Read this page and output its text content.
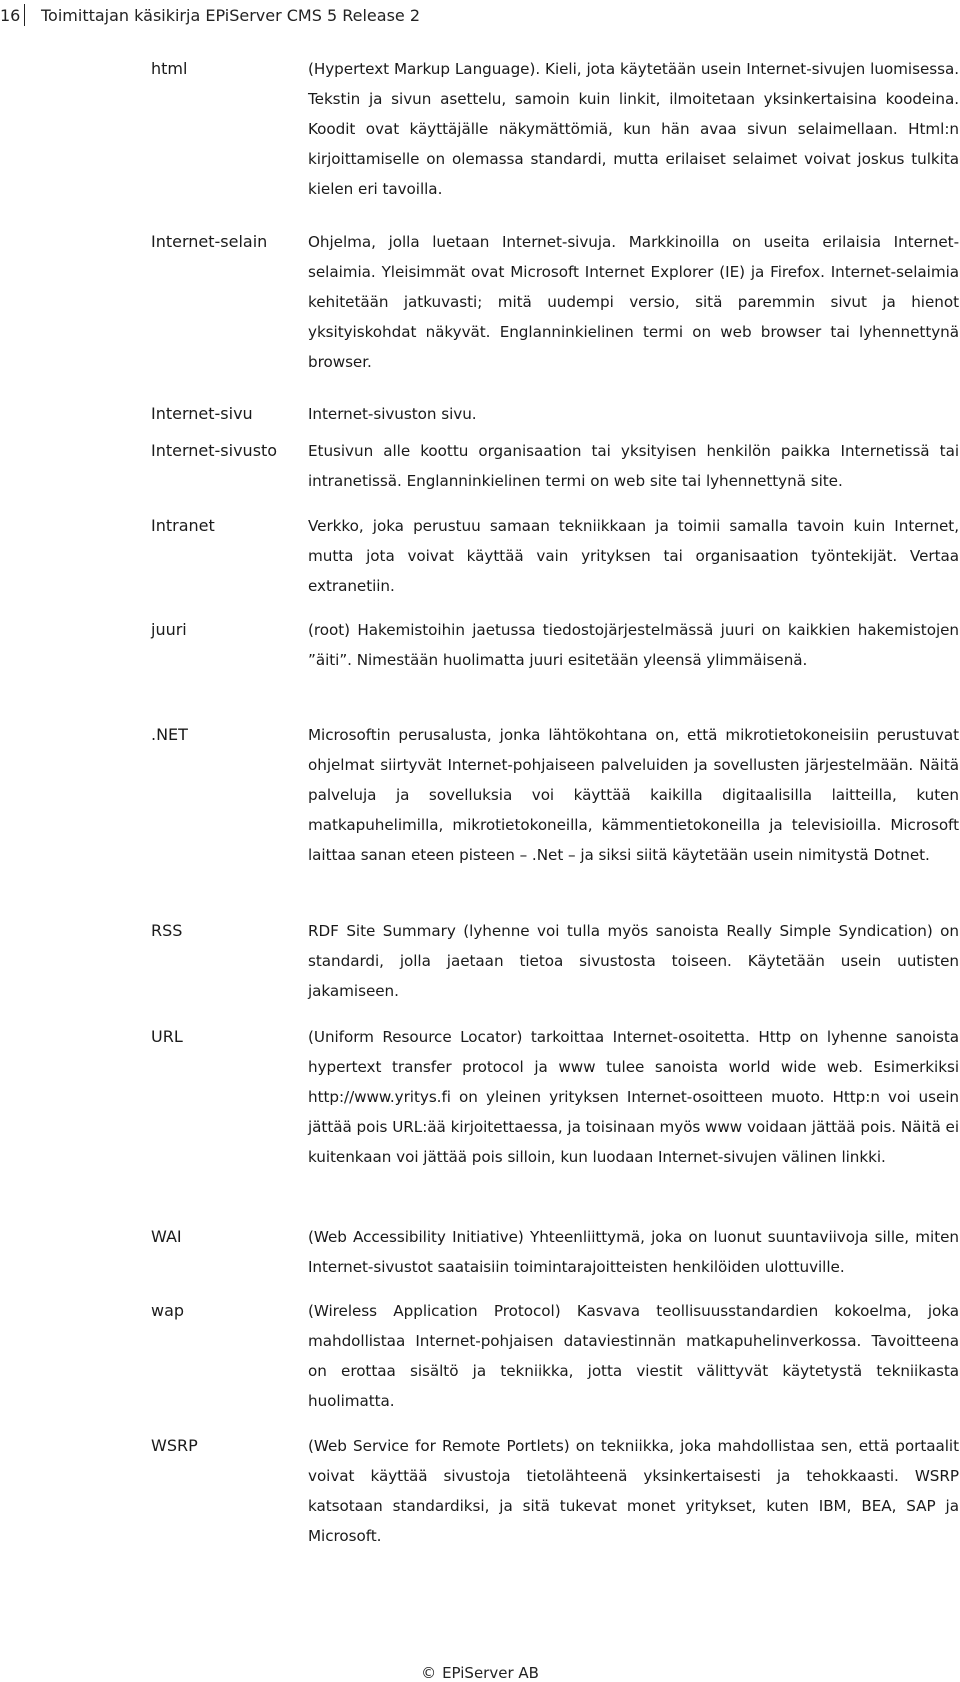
16 Toimittajan käsikirja EPiServer CMS 5 Release 2
html	(Hypertext Markup Language). Kieli, jota käytetään usein Internet-sivujen luomisessa. Tekstin ja sivun asettelu, samoin kuin linkit, ilmoitetaan yksinkertaisina koodeina. Koodit ovat käyttäjälle näkymättömiä, kun hän avaa sivun selaimellaan. Html:n kirjoittamiselle on olemassa standardi, mutta erilaiset selaimet voivat joskus tulkita kielen eri tavoilla.
Internet-selain	Ohjelma, jolla luetaan Internet-sivuja. Markkinoilla on useita erilaisia Internet-selaimia. Yleisimmät ovat Microsoft Internet Explorer (IE) ja Firefox. Internet-selaimia kehitetään jatkuvasti; mitä uudempi versio, sitä paremmin sivut ja hienot yksityiskohdat näkyvät. Englanninkielinen termi on web browser tai lyhennettynä browser.
Internet-sivu	Internet-sivuston sivu.
Internet-sivusto	Etusivun alle koottu organisaation tai yksityisen henkilön paikka Internetissä tai intranetissä. Englanninkielinen termi on web site tai lyhennettynä site.
Intranet	Verkko, joka perustuu samaan tekniikkaan ja toimii samalla tavoin kuin Internet, mutta jota voivat käyttää vain yrityksen tai organisaation työntekijät. Vertaa extranetiin.
juuri	(root) Hakemistoihin jaetussa tiedostojärjestelmässä juuri on kaikkien hakemistojen ”äiti”. Nimestään huolimatta juuri esitetään yleensä ylimmäisenä.
.NET	Microsoftin perusalusta, jonka lähtökohtana on, että mikrotietokoneisiin perustuvat ohjelmat siirtyvät Internet-pohjaiseen palveluiden ja sovellusten järjestelmään. Näitä palveluja ja sovelluksia voi käyttää kaikilla digitaalisilla laitteilla, kuten matkapuhelimilla, mikrotietokoneilla, kämmentietokoneilla ja televisioilla. Microsoft laittaa sanan eteen pisteen – .Net – ja siksi siitä käytetään usein nimitystä Dotnet.
RSS	RDF Site Summary (lyhenne voi tulla myös sanoista Really Simple Syndication) on standardi, jolla jaetaan tietoa sivustosta toiseen. Käytetään usein uutisten jakamiseen.
URL	(Uniform Resource Locator) tarkoittaa Internet-osoitetta. Http on lyhenne sanoista hypertext transfer protocol ja www tulee sanoista world wide web. Esimerkiksi http://www.yritys.fi on yleinen yrityksen Internet-osoitteen muoto. Http:n voi usein jättää pois URL:ää kirjoitettaessa, ja toisinaan myös www voidaan jättää pois. Näitä ei kuitenkaan voi jättää pois silloin, kun luodaan Internet-sivujen välinen linkki.
WAI	(Web Accessibility Initiative) Yhteenliittymä, joka on luonut suuntaviivoja sille, miten Internet-sivustot saataisiin toimintarajoitteisten henkilöiden ulottuville.
wap	(Wireless Application Protocol) Kasvava teollisuusstandardien kokoelma, joka mahdollistaa Internet-pohjaisen dataviestinnän matkapuhelinverkossa. Tavoitteena on erottaa sisältö ja tekniikka, jotta viestit välittyvät käytetystä tekniikasta huolimatta.
WSRP	(Web Service for Remote Portlets) on tekniikka, joka mahdollistaa sen, että portaalit voivat käyttää sivustoja tietolähteenä yksinkertaisesti ja tehokkaasti. WSRP katsotaan standardiksi, ja sitä tukevat monet yritykset, kuten IBM, BEA, SAP ja Microsoft.
© EPiServer AB
